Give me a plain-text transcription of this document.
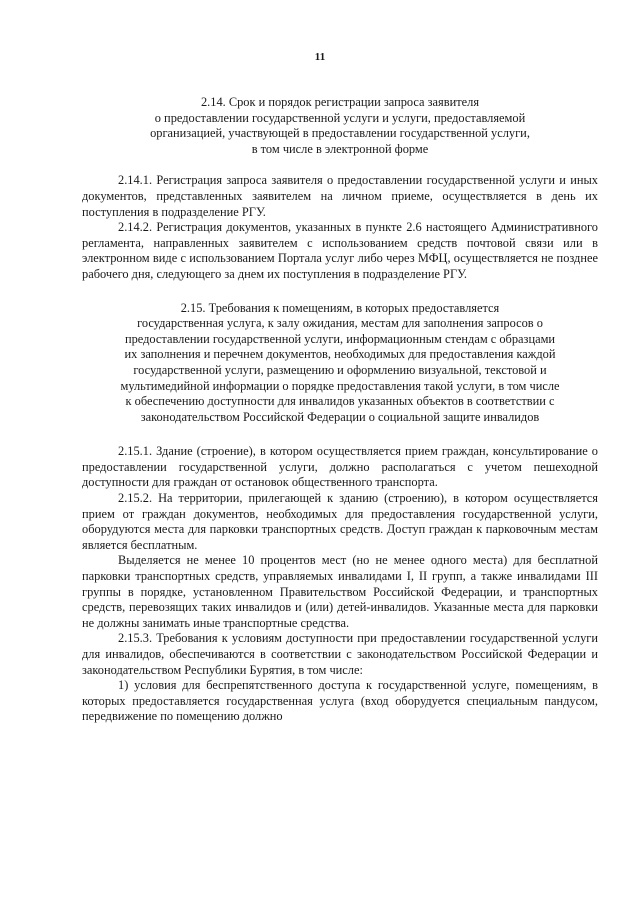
11

2.14. Срок и порядок регистрации запроса заявителя

о предоставлении государственной услуги и услуги, предоставляемой

организацией, участвующей в предоставлении государственной услуги,

в том числе в электронной форме

2.14.1. Регистрация запроса заявителя о предоставлении государственной услуги и иных документов, представленных заявителем на личном приеме, осуществляется в день их поступления в подразделение РГУ.

2.14.2. Регистрация документов, указанных в пункте 2.6 настоящего Административного регламента, направленных заявителем с использованием средств почтовой связи или в электронном виде с использованием Портала услуг либо через МФЦ, осуществляется не позднее рабочего дня, следующего за днем их поступления в подразделение РГУ.

2.15. Требования к помещениям, в которых предоставляется

государственная услуга, к залу ожидания, местам для заполнения запросов о

предоставлении государственной услуги, информационным стендам с образцами

их заполнения и перечнем документов, необходимых для предоставления каждой

государственной услуги, размещению и оформлению визуальной, текстовой и

мультимедийной информации о порядке предоставления такой услуги, в том числе

к обеспечению доступности для инвалидов указанных объектов в соответствии с

законодательством Российской Федерации о социальной защите инвалидов

2.15.1. Здание (строение), в котором осуществляется прием граждан, консультирование о предоставлении государственной услуги, должно располагаться с учетом пешеходной доступности для граждан от остановок общественного транспорта.

2.15.2. На территории, прилегающей к зданию (строению), в котором осуществляется прием от граждан документов, необходимых для предоставления государственной услуги, оборудуются места для парковки транспортных средств. Доступ граждан к парковочным местам является бесплатным.

Выделяется не менее 10 процентов мест (но не менее одного места) для бесплатной парковки транспортных средств, управляемых инвалидами I, II групп, а также инвалидами III группы в порядке, установленном Правительством Российской Федерации, и транспортных средств, перевозящих таких инвалидов и (или) детей-инвалидов. Указанные места для парковки не должны занимать иные транспортные средства.

2.15.3. Требования к условиям доступности при предоставлении государственной услуги для инвалидов, обеспечиваются в соответствии с законодательством Российской Федерации и законодательством Республики Бурятия, в том числе:

1) условия для беспрепятственного доступа к государственной услуге, помещениям, в которых предоставляется государственная услуга (вход оборудуется специальным пандусом, передвижение по помещению должно
